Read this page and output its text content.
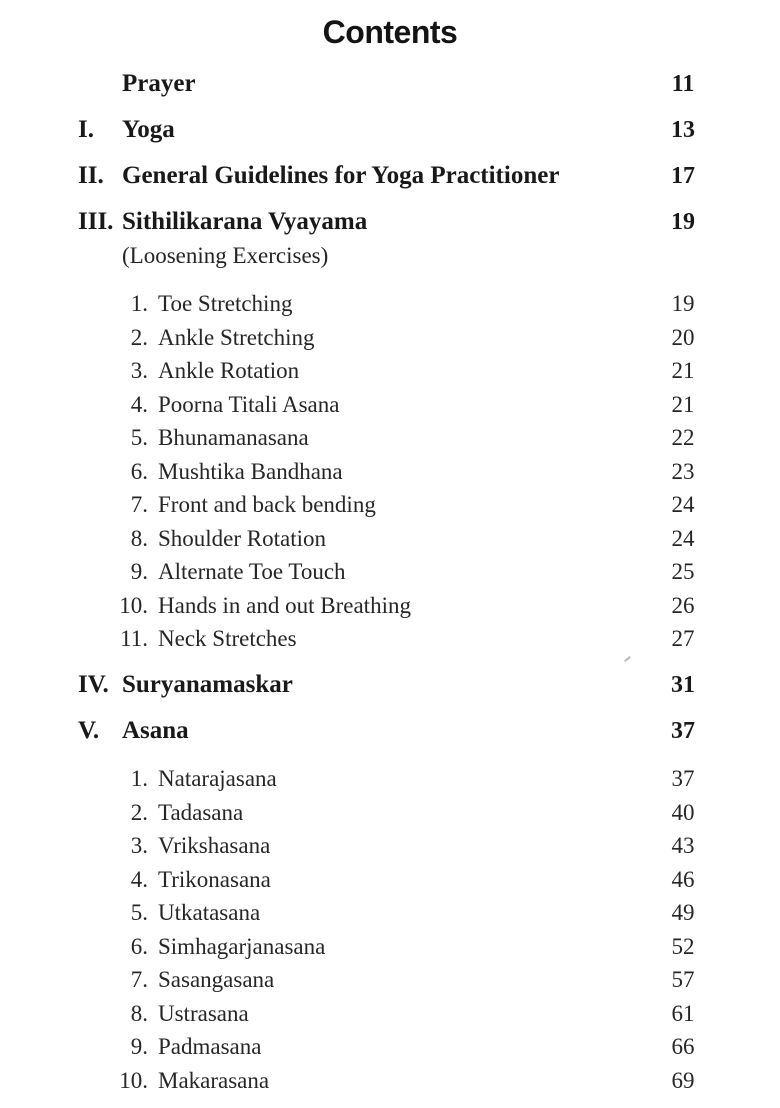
Contents
Prayer	11
I.	Yoga	13
II. General Guidelines for Yoga Practitioner	17
III. Sithilikarana Vyayama	19
(Loosening Exercises)
1. Toe Stretching	19
2. Ankle Stretching	20
3. Ankle Rotation	21
4. Poorna Titali Asana	21
5. Bhunamanasana	22
6. Mushtika Bandhana	23
7. Front and back bending	24
8. Shoulder Rotation	24
9. Alternate Toe Touch	25
10. Hands in and out Breathing	26
11. Neck Stretches	27
IV. Suryanamaskar	31
V. Asana	37
1. Natarajasana	37
2. Tadasana	40
3. Vrikshasana	43
4. Trikonasana	46
5. Utkatasana	49
6. Simhagarjanasana	52
7. Sasangasana	57
8. Ustrasana	61
9. Padmasana	66
10. Makarasana	69
